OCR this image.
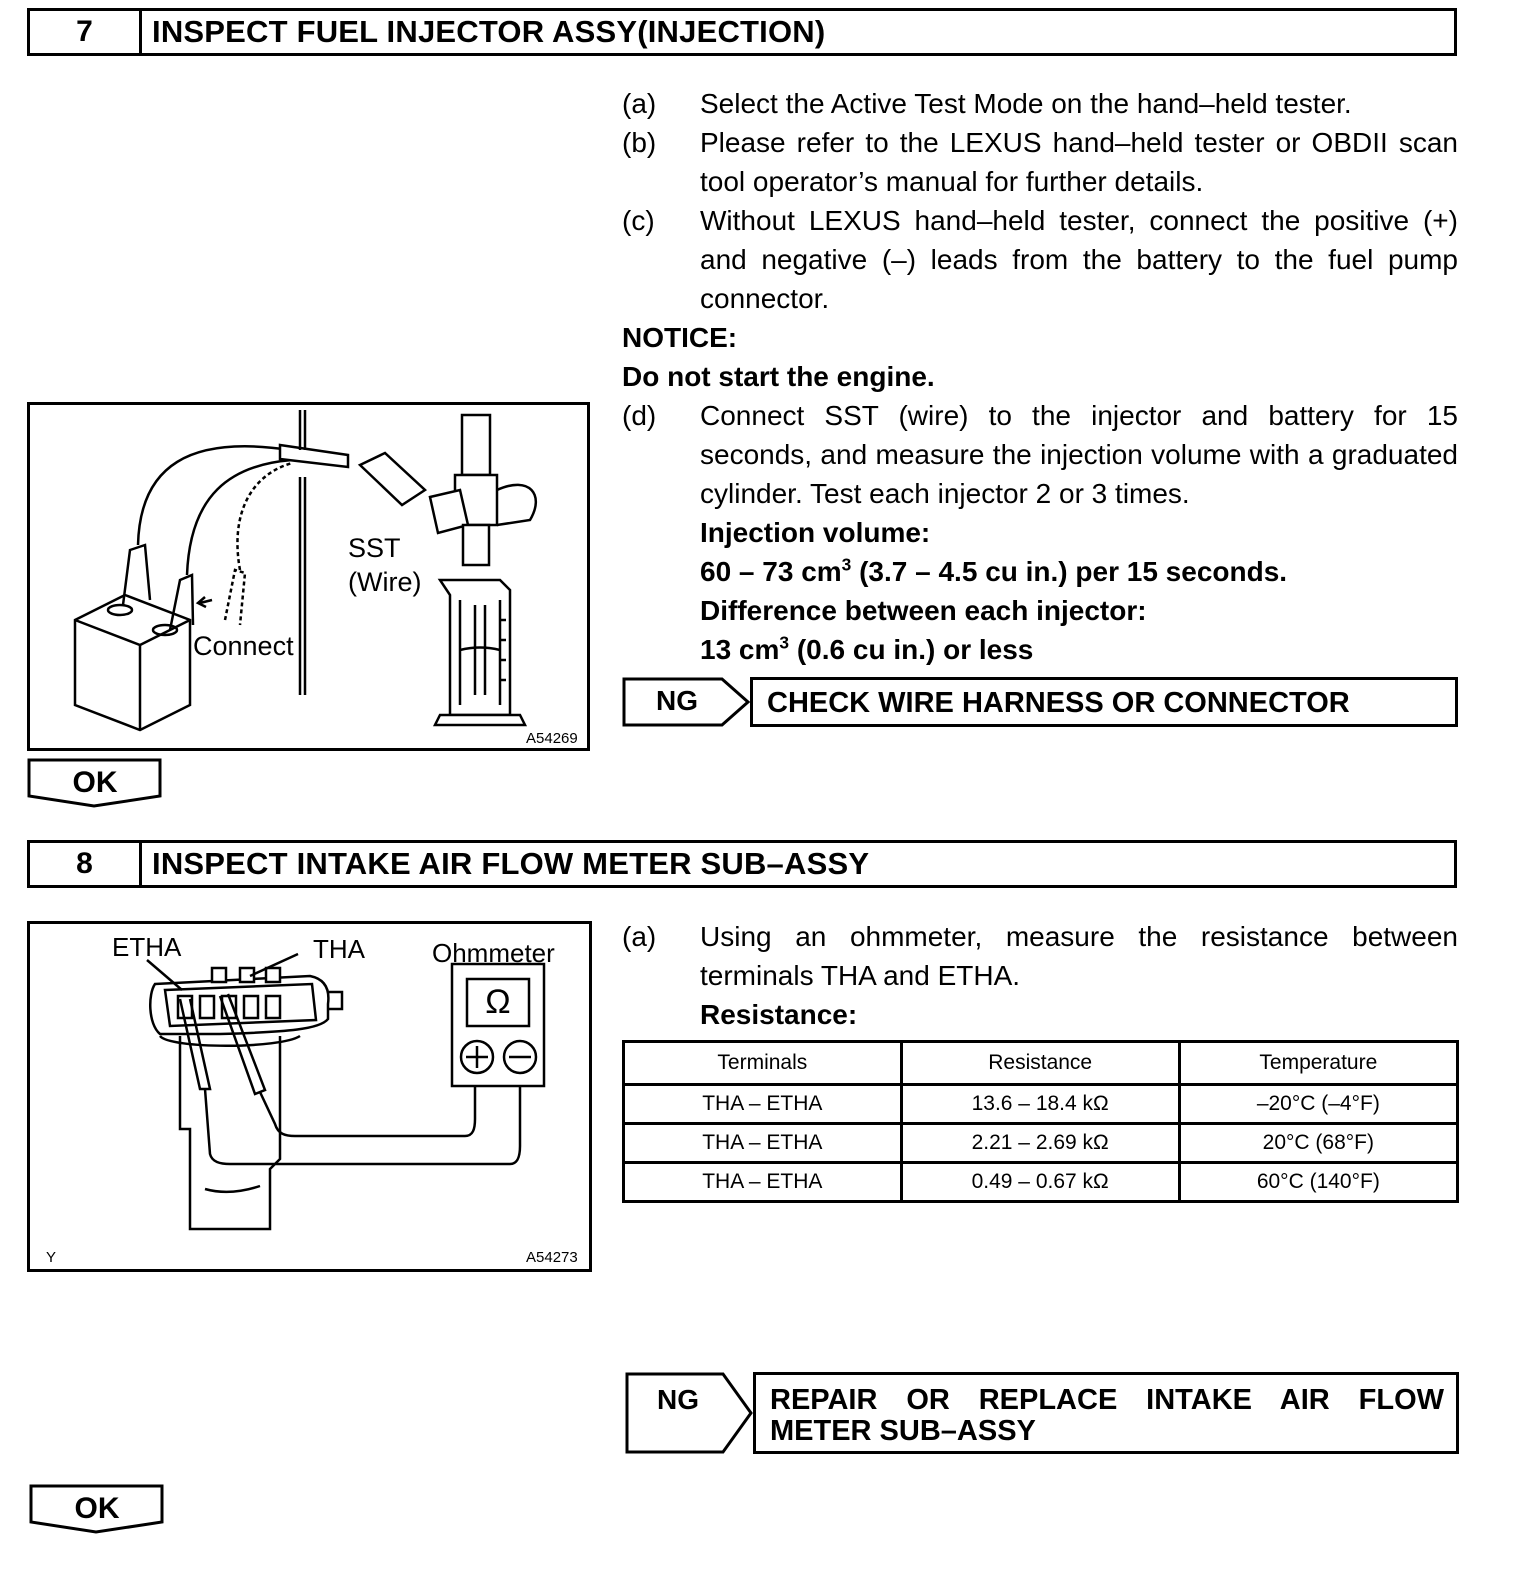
7	INSPECT FUEL INJECTOR ASSY(INJECTION)
(a) Select the Active Test Mode on the hand–held tester.
(b) Please refer to the LEXUS hand–held tester or OBDII scan tool operator’s manual for further details.
(c) Without LEXUS hand–held tester, connect the positive (+) and negative (–) leads from the battery to the fuel pump connector.
NOTICE:
Do not start the engine.
(d) Connect SST (wire) to the injector and battery for 15 seconds, and measure the injection volume with a graduated cylinder. Test each injector 2 or 3 times.
Injection volume:
60 – 73 $cm^3$ (3.7 – 4.5 cu in.) per 15 seconds.
Difference between each injector:
13 $cm^3$ (0.6 cu in.) or less
SST
(Wire)
Connect
A54269
NG	CHECK WIRE HARNESS OR CONNECTOR
OK
8	INSPECT INTAKE AIR FLOW METER SUB–ASSY
(a) Using an ohmmeter, measure the resistance between terminals THA and ETHA.
Resistance:
Terminals	Resistance	Temperature
THA – ETHA	13.6 – 18.4 kΩ	–20°C (–4°F)
THA – ETHA	2.21 – 2.69 kΩ	20°C (68°F)
THA – ETHA	0.49 – 0.67 kΩ	60°C (140°F)
ETHA	THA	Ohmmeter
Ω
Y	A54273
NG REPAIR OR REPLACE INTAKE AIR FLOW
METER SUB–ASSY
OK
